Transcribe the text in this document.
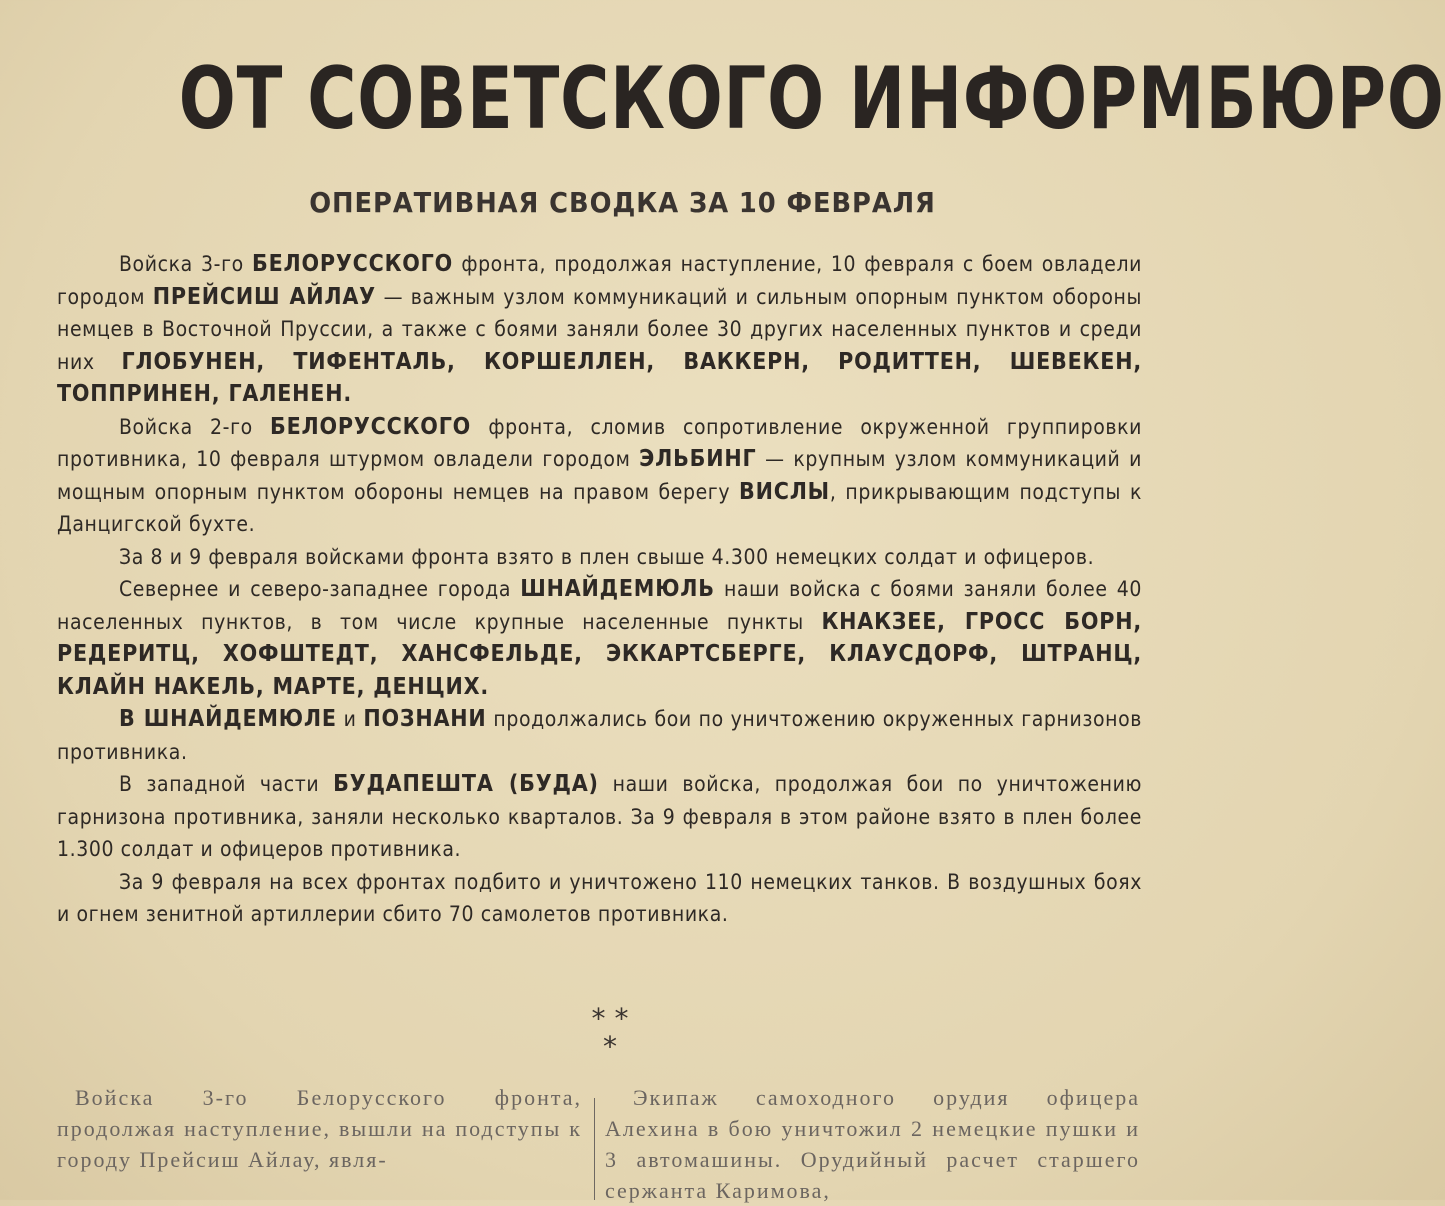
ОТ СОВЕТСКОГО ИНФОРМБЮРО
ОПЕРАТИВНАЯ СВОДКА ЗА 10 ФЕВРАЛЯ

Войска 3-го БЕЛОРУССКОГО фронта, продолжая наступление, 10 февраля с боем овладели городом ПРЕЙСИШ АЙЛАУ — важным узлом коммуникаций и сильным опорным пунктом обороны немцев в Восточной Пруссии, а также с боями заняли более 30 других населенных пунктов и среди них ГЛОБУНЕН, ТИФЕНТАЛЬ, КОРШЕЛЛЕН, ВАККЕРН, РОДИТТЕН, ШЕВЕКЕН, ТОППРИНЕН, ГАЛЕНЕН.

Войска 2-го БЕЛОРУССКОГО фронта, сломив сопротивление окруженной группировки противника, 10 февраля штурмом овладели городом ЭЛЬБИНГ — крупным узлом коммуникаций и мощным опорным пунктом обороны немцев на правом берегу ВИСЛЫ, прикрывающим подступы к Данцигской бухте.

За 8 и 9 февраля войсками фронта взято в плен свыше 4.300 немецких солдат и офицеров.

Севернее и северо-западнее города ШНАЙДЕМЮЛЬ наши войска с боями заняли более 40 населенных пунктов, в том числе крупные населенные пункты КНАКЗЕЕ, ГРОСС БОРН, РЕДЕРИТЦ, ХОФШТЕДТ, ХАНСФЕЛЬДЕ, ЭККАРТСБЕРГЕ, КЛАУСДОРФ, ШТРАНЦ, КЛАЙН НАКЕЛЬ, МАРТЕ, ДЕНЦИХ.

В ШНАЙДЕМЮЛЕ и ПОЗНАНИ продолжались бои по уничтожению окруженных гарнизонов противника.

В западной части БУДАПЕШТА (БУДА) наши войска, продолжая бои по уничтожению гарнизона противника, заняли несколько кварталов. За 9 февраля в этом районе взято в плен более 1.300 солдат и офицеров противника.

За 9 февраля на всех фронтах подбито и уничтожено 110 немецких танков. В воздушных боях и огнем зенитной артиллерии сбито 70 самолетов противника.

* *
*
Войска 3-го Белорусского фронта, продолжая наступление, вышли на подступы к городу Прейсиш Айлау, явля-
Экипаж самоходного орудия офицера Алехина в бою уничтожил 2 немецкие пушки и 3 автомашины. Орудийный расчет старшего сержанта Каримова,
